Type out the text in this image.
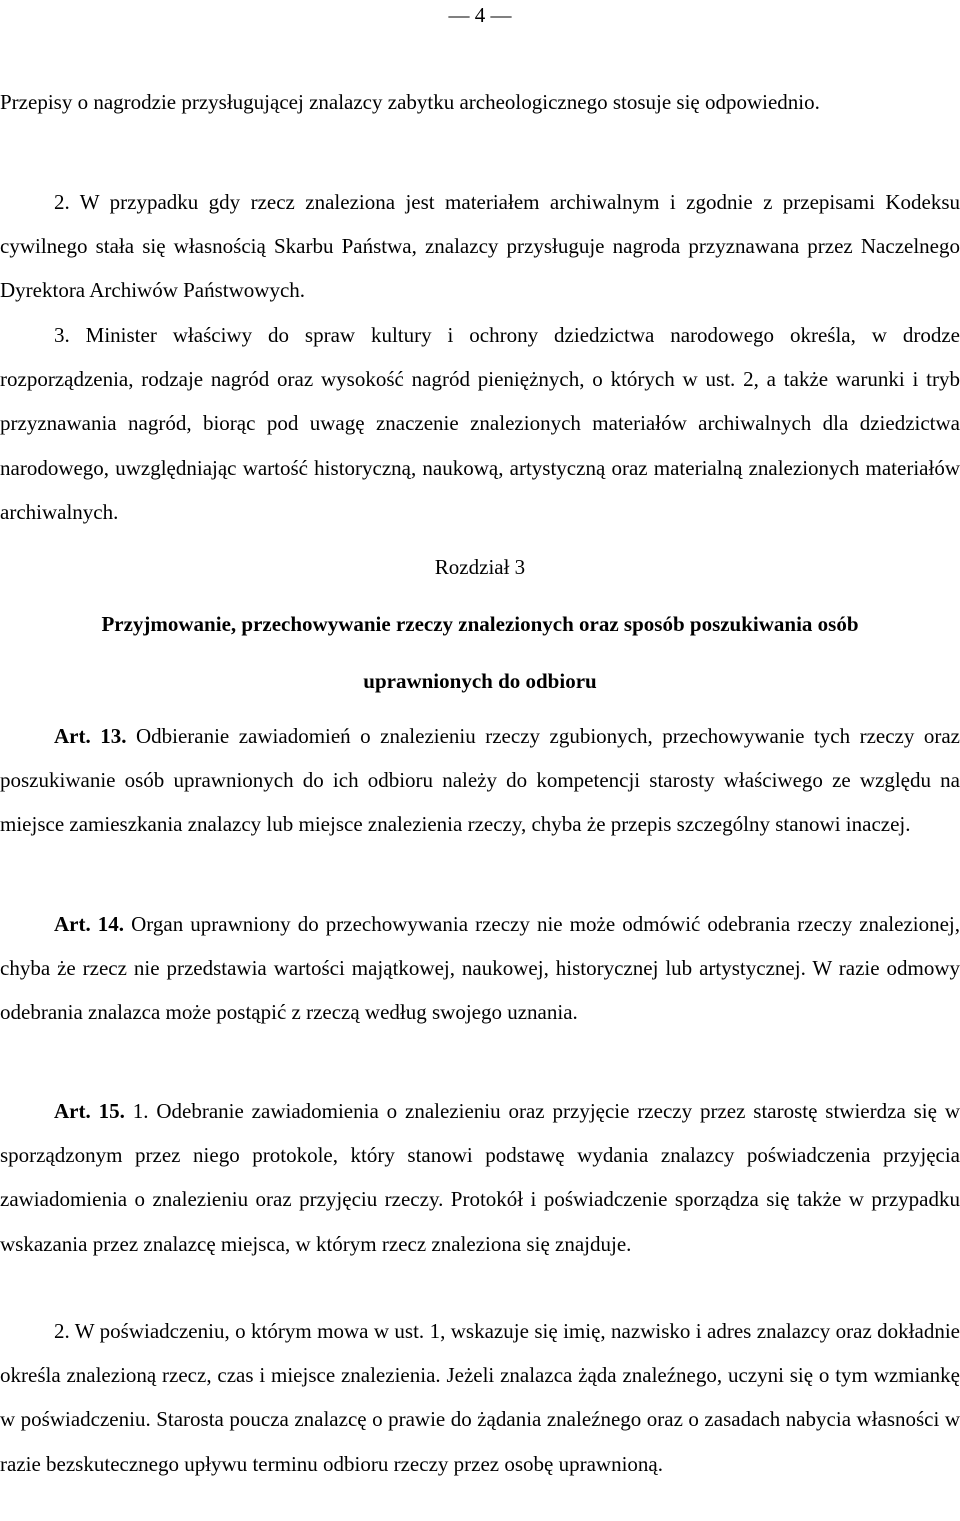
— 4 —

Przepisy o nagrodzie przysługującej znalazcy zabytku archeologicznego stosuje się odpowiednio.

2. W przypadku gdy rzecz znaleziona jest materiałem archiwalnym i zgodnie z przepisami Kodeksu cywilnego stała się własnością Skarbu Państwa, znalazcy przysługuje nagroda przyznawana przez Naczelnego Dyrektora Archiwów Państwowych.

3. Minister właściwy do spraw kultury i ochrony dziedzictwa narodowego określa, w drodze rozporządzenia, rodzaje nagród oraz wysokość nagród pieniężnych, o których w ust. 2, a także warunki i tryb przyznawania nagród, biorąc pod uwagę znaczenie znalezionych materiałów archiwalnych dla dziedzictwa narodowego, uwzględniając wartość historyczną, naukową, artystyczną oraz materialną znalezionych materiałów archiwalnych.

Rozdział 3
Przyjmowanie, przechowywanie rzeczy znalezionych oraz sposób poszukiwania osób
uprawnionych do odbioru

Art. 13. Odbieranie zawiadomień o znalezieniu rzeczy zgubionych, przechowywanie tych rzeczy oraz poszukiwanie osób uprawnionych do ich odbioru należy do kompetencji starosty właściwego ze względu na miejsce zamieszkania znalazcy lub miejsce znalezienia rzeczy, chyba że przepis szczególny stanowi inaczej.

Art. 14. Organ uprawniony do przechowywania rzeczy nie może odmówić odebrania rzeczy znalezionej, chyba że rzecz nie przedstawia wartości majątkowej, naukowej, historycznej lub artystycznej. W razie odmowy odebrania znalazca może postąpić z rzeczą według swojego uznania.

Art. 15. 1. Odebranie zawiadomienia o znalezieniu oraz przyjęcie rzeczy przez starostę stwierdza się w sporządzonym przez niego protokole, który stanowi podstawę wydania znalazcy poświadczenia przyjęcia zawiadomienia o znalezieniu oraz przyjęciu rzeczy. Protokół i poświadczenie sporządza się także w przypadku wskazania przez znalazcę miejsca, w którym rzecz znaleziona się znajduje.

2. W poświadczeniu, o którym mowa w ust. 1, wskazuje się imię, nazwisko i adres znalazcy oraz dokładnie określa znalezioną rzecz, czas i miejsce znalezienia. Jeżeli znalazca żąda znaleźnego, uczyni się o tym wzmiankę w poświadczeniu. Starosta poucza znalazcę o prawie do żądania znaleźnego oraz o zasadach nabycia własności w razie bezskutecznego upływu terminu odbioru rzeczy przez osobę uprawnioną.
